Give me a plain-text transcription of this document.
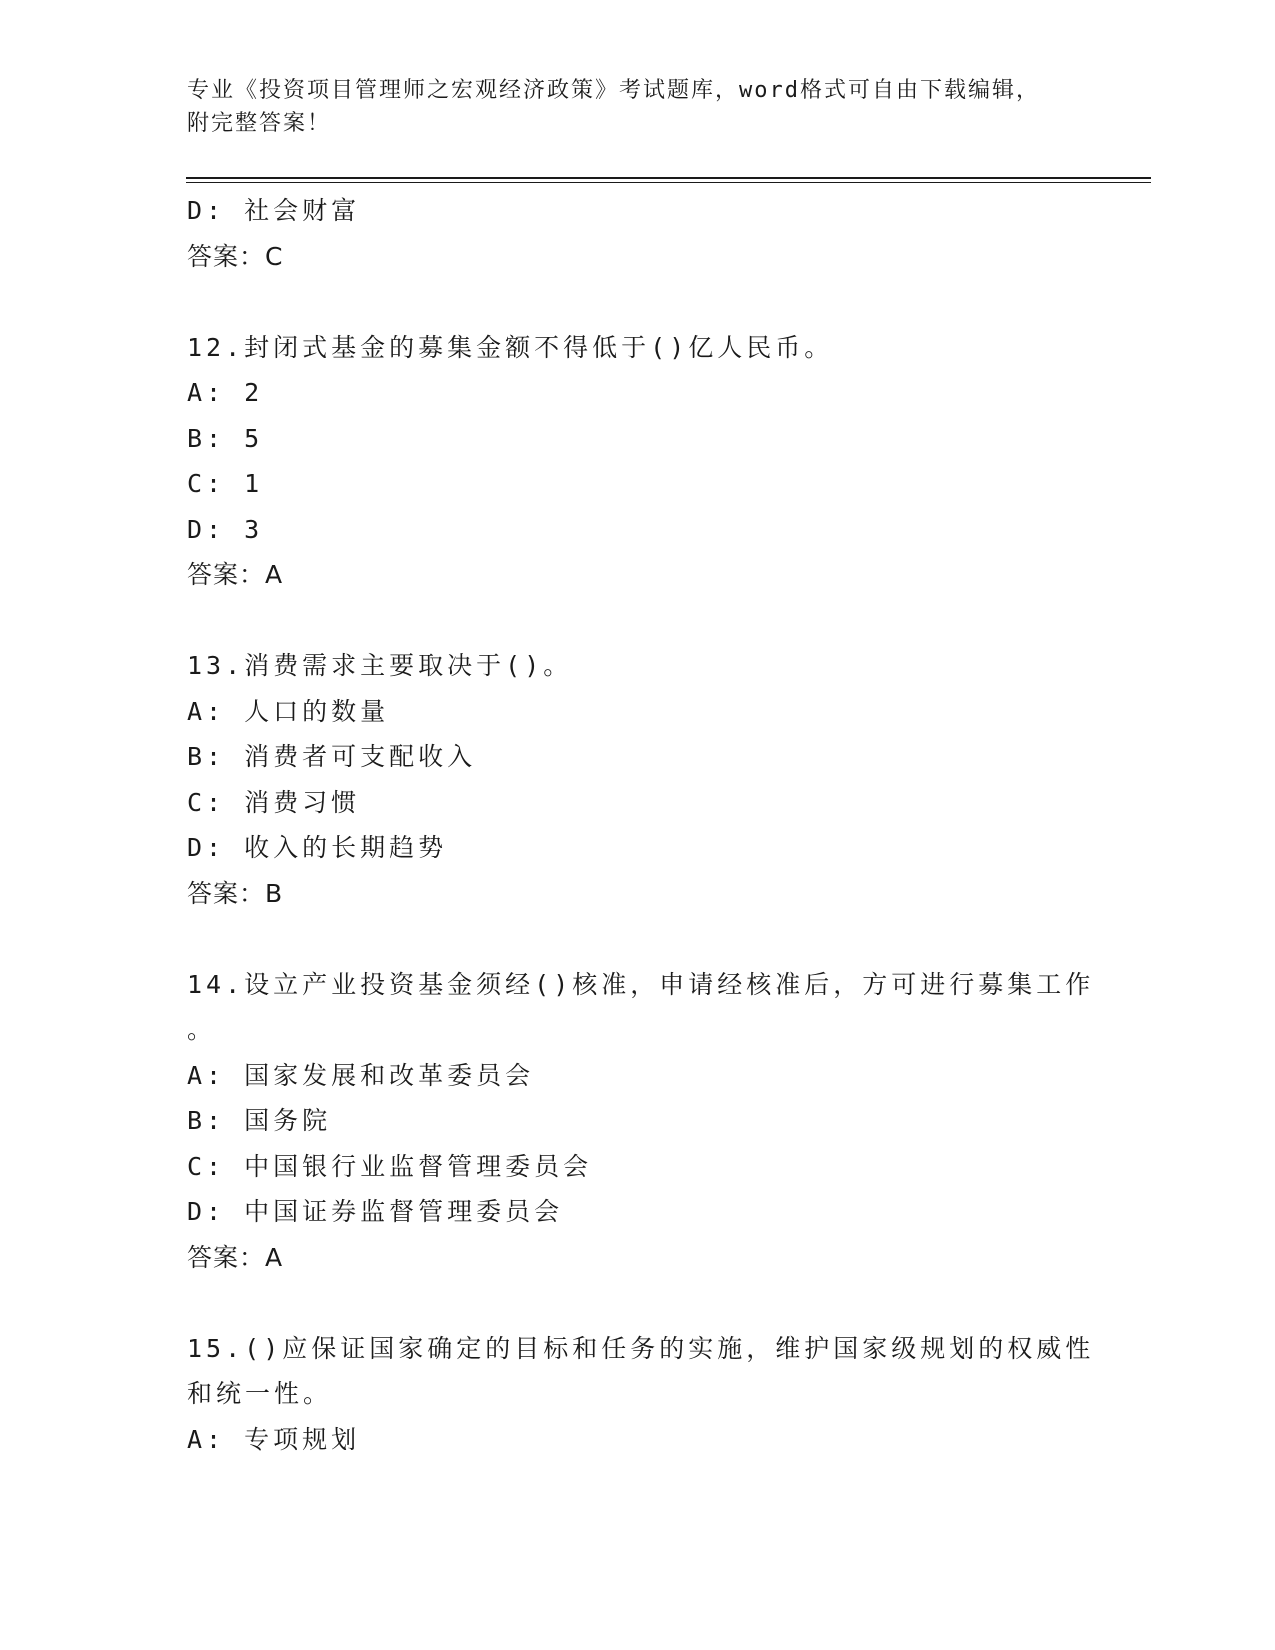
专业《投资项目管理师之宏观经济政策》考试题库，word格式可自由下载编辑，
附完整答案！
D: 社会财富
答案：C
12.封闭式基金的募集金额不得低于()亿人民币。
A: 2
B: 5
C: 1
D: 3
答案：A
13.消费需求主要取决于()。
A: 人口的数量
B: 消费者可支配收入
C: 消费习惯
D: 收入的长期趋势
答案：B
14.设立产业投资基金须经()核准，申请经核准后，方可进行募集工作
。
A: 国家发展和改革委员会
B: 国务院
C: 中国银行业监督管理委员会
D: 中国证券监督管理委员会
答案：A
15.()应保证国家确定的目标和任务的实施，维护国家级规划的权威性
和统一性。
A: 专项规划
